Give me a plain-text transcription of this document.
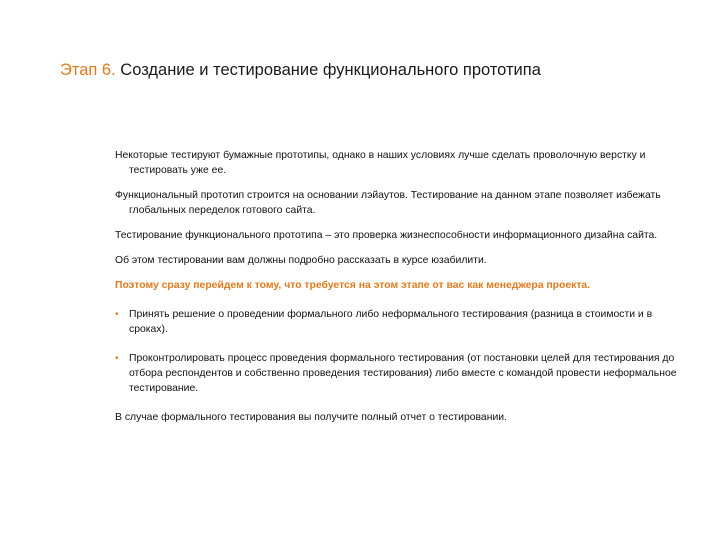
Этап 6. Создание и тестирование функционального прототипа

Некоторые тестируют бумажные прототипы, однако в наших условиях лучше сделать проволочную верстку и тестировать уже ее.

Функциональный прототип строится на основании лэйаутов. Тестирование на данном этапе позволяет избежать глобальных переделок готового сайта.

Тестирование функционального прототипа – это проверка жизнеспособности информационного дизайна сайта.

Об этом тестировании вам должны подробно рассказать в курсе юзабилити.

Поэтому сразу перейдем к тому, что требуется на этом этапе от вас как менеджера проекта.

• Принять решение о проведении формального либо неформального тестирования (разница в стоимости и в сроках).
• Проконтролировать процесс проведения формального тестирования (от постановки целей для тестирования до отбора респондентов и собственно проведения тестирования) либо вместе с командой провести неформальное тестирование.

В случае формального тестирования вы получите полный отчет о тестировании.
